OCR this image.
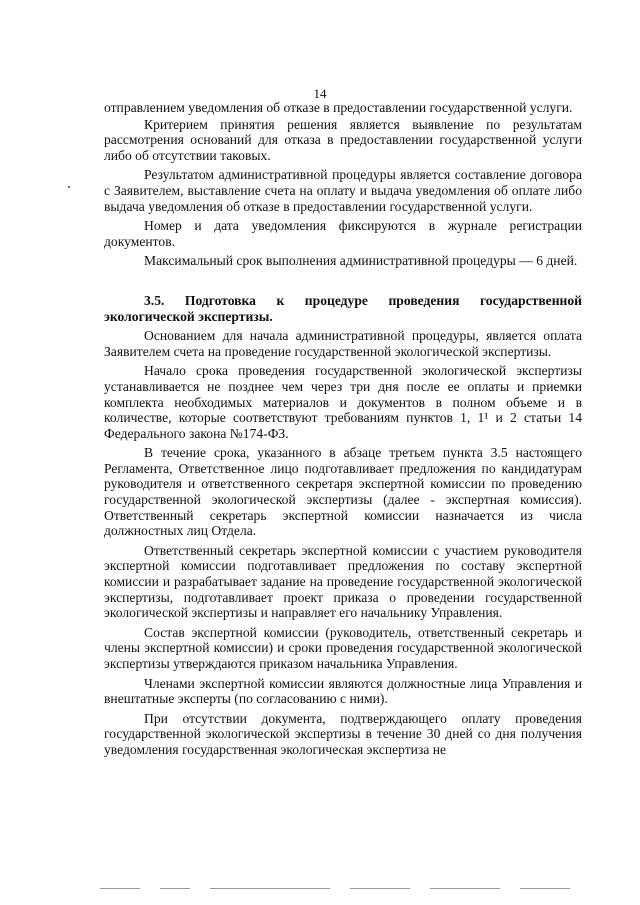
14

отправлением уведомления об отказе в предоставлении государственной услуги.

Критерием принятия решения является выявление по результатам рассмотрения оснований для отказа в предоставлении государственной услуги либо об отсутствии таковых.

Результатом административной процедуры является составление договора с Заявителем, выставление счета на оплату и выдача уведомления об оплате либо выдача уведомления об отказе в предоставлении государственной услуги.

Номер и дата уведомления фиксируются в журнале регистрации документов.

Максимальный срок выполнения административной процедуры — 6 дней.

3.5. Подготовка к процедуре проведения государственной экологической экспертизы.

Основанием для начала административной процедуры, является оплата Заявителем счета на проведение государственной экологической экспертизы.

Начало срока проведения государственной экологической экспертизы устанавливается не позднее чем через три дня после ее оплаты и приемки комплекта необходимых материалов и документов в полном объеме и в количестве, которые соответствуют требованиям пунктов 1, 1¹ и 2 статьи 14 Федерального закона №174-ФЗ.

В течение срока, указанного в абзаце третьем пункта 3.5 настоящего Регламента, Ответственное лицо подготавливает предложения по кандидатурам руководителя и ответственного секретаря экспертной комиссии по проведению государственной экологической экспертизы (далее - экспертная комиссия). Ответственный секретарь экспертной комиссии назначается из числа должностных лиц Отдела.

Ответственный секретарь экспертной комиссии с участием руководителя экспертной комиссии подготавливает предложения по составу экспертной комиссии и разрабатывает задание на проведение государственной экологической экспертизы, подготавливает проект приказа о проведении государственной экологической экспертизы и направляет его начальнику Управления.

Состав экспертной комиссии (руководитель, ответственный секретарь и члены экспертной комиссии) и сроки проведения государственной экологической экспертизы утверждаются приказом начальника Управления.

Членами экспертной комиссии являются должностные лица Управления и внештатные эксперты (по согласованию с ними).

При отсутствии документа, подтверждающего оплату проведения государственной экологической экспертизы в течение 30 дней со дня получения уведомления государственная экологическая экспертиза не
